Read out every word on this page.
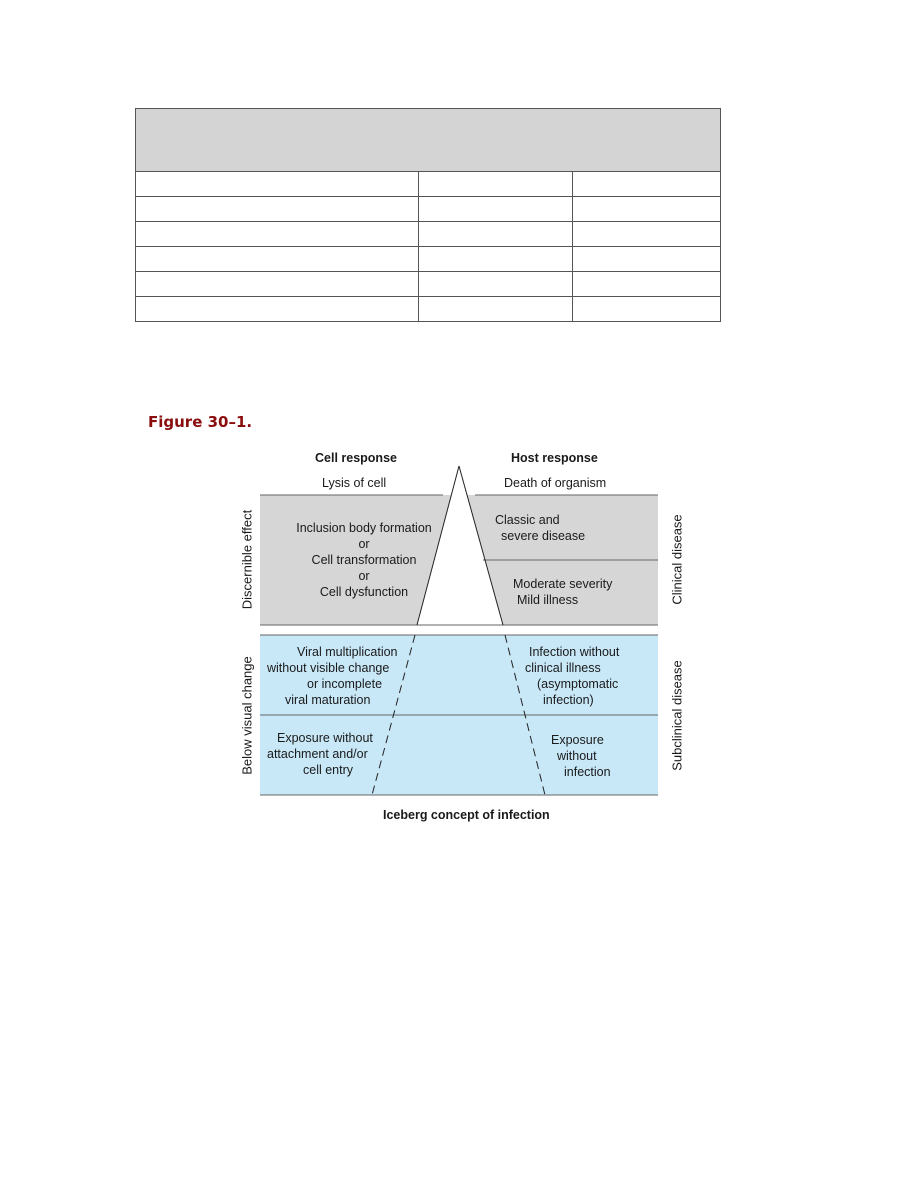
Figure 30–1.
Cell response	Host response
Lysis of cell	Death of organism
Inclusion body formation
or
Cell transformation
or
Cell dysfunction
Viral multiplication
without visible change
or incomplete
viral maturation
Exposure without
attachment and/or
cell entry
Classic and
severe disease
Moderate severity
Mild illness
Infection without
clinical illness
(asymptomatic
infection)
Exposure
without
infection
Discernible effect
Below visual change
Clinical disease
Subclinical disease
Iceberg concept of infection
